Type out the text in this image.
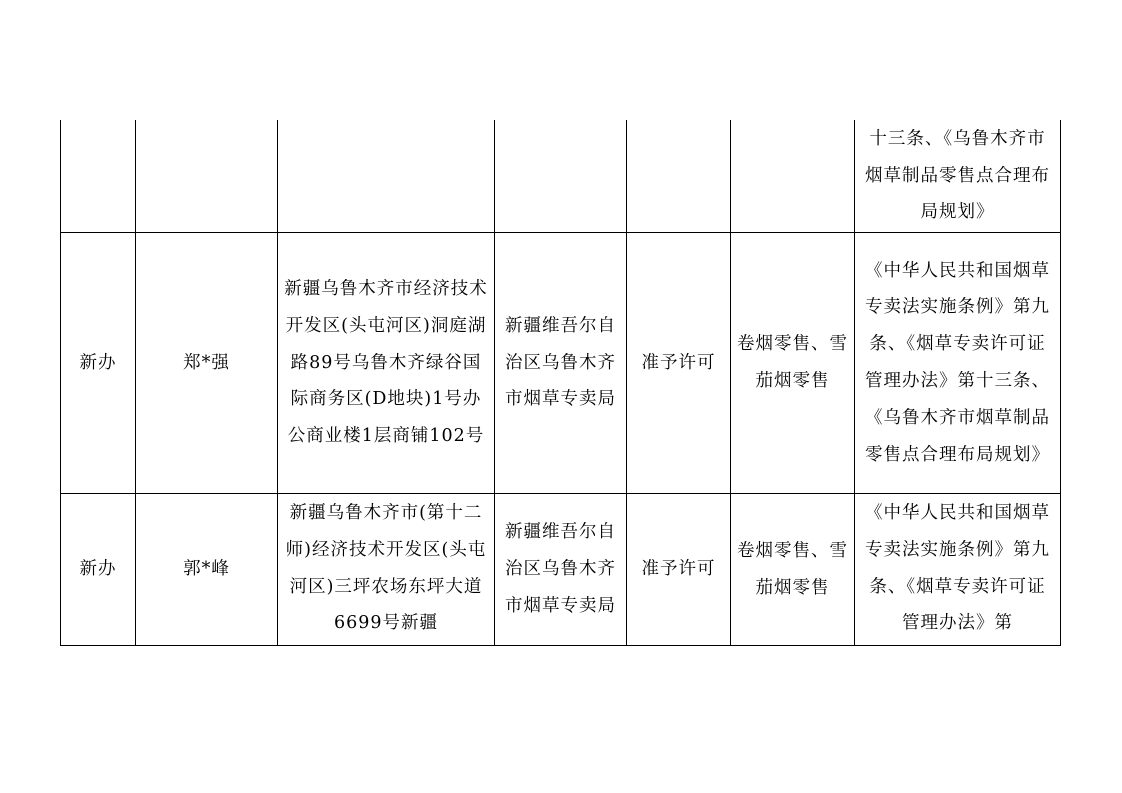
						十三条、《乌鲁木齐市烟草制品零售点合理布局规划》

新办	郑*强	新疆乌鲁木齐市经济技术开发区(头屯河区)洞庭湖路89号乌鲁木齐绿谷国际商务区(D地块)1号办公商业楼1层商铺102号	新疆维吾尔自治区乌鲁木齐市烟草专卖局	准予许可	卷烟零售、雪茄烟零售	《中华人民共和国烟草专卖法实施条例》第九条、《烟草专卖许可证管理办法》第十三条、《乌鲁木齐市烟草制品零售点合理布局规划》

新办	郭*峰	新疆乌鲁木齐市(第十二师)经济技术开发区(头屯河区)三坪农场东坪大道6699号新疆	新疆维吾尔自治区乌鲁木齐市烟草专卖局	准予许可	卷烟零售、雪茄烟零售	《中华人民共和国烟草专卖法实施条例》第九条、《烟草专卖许可证管理办法》第
